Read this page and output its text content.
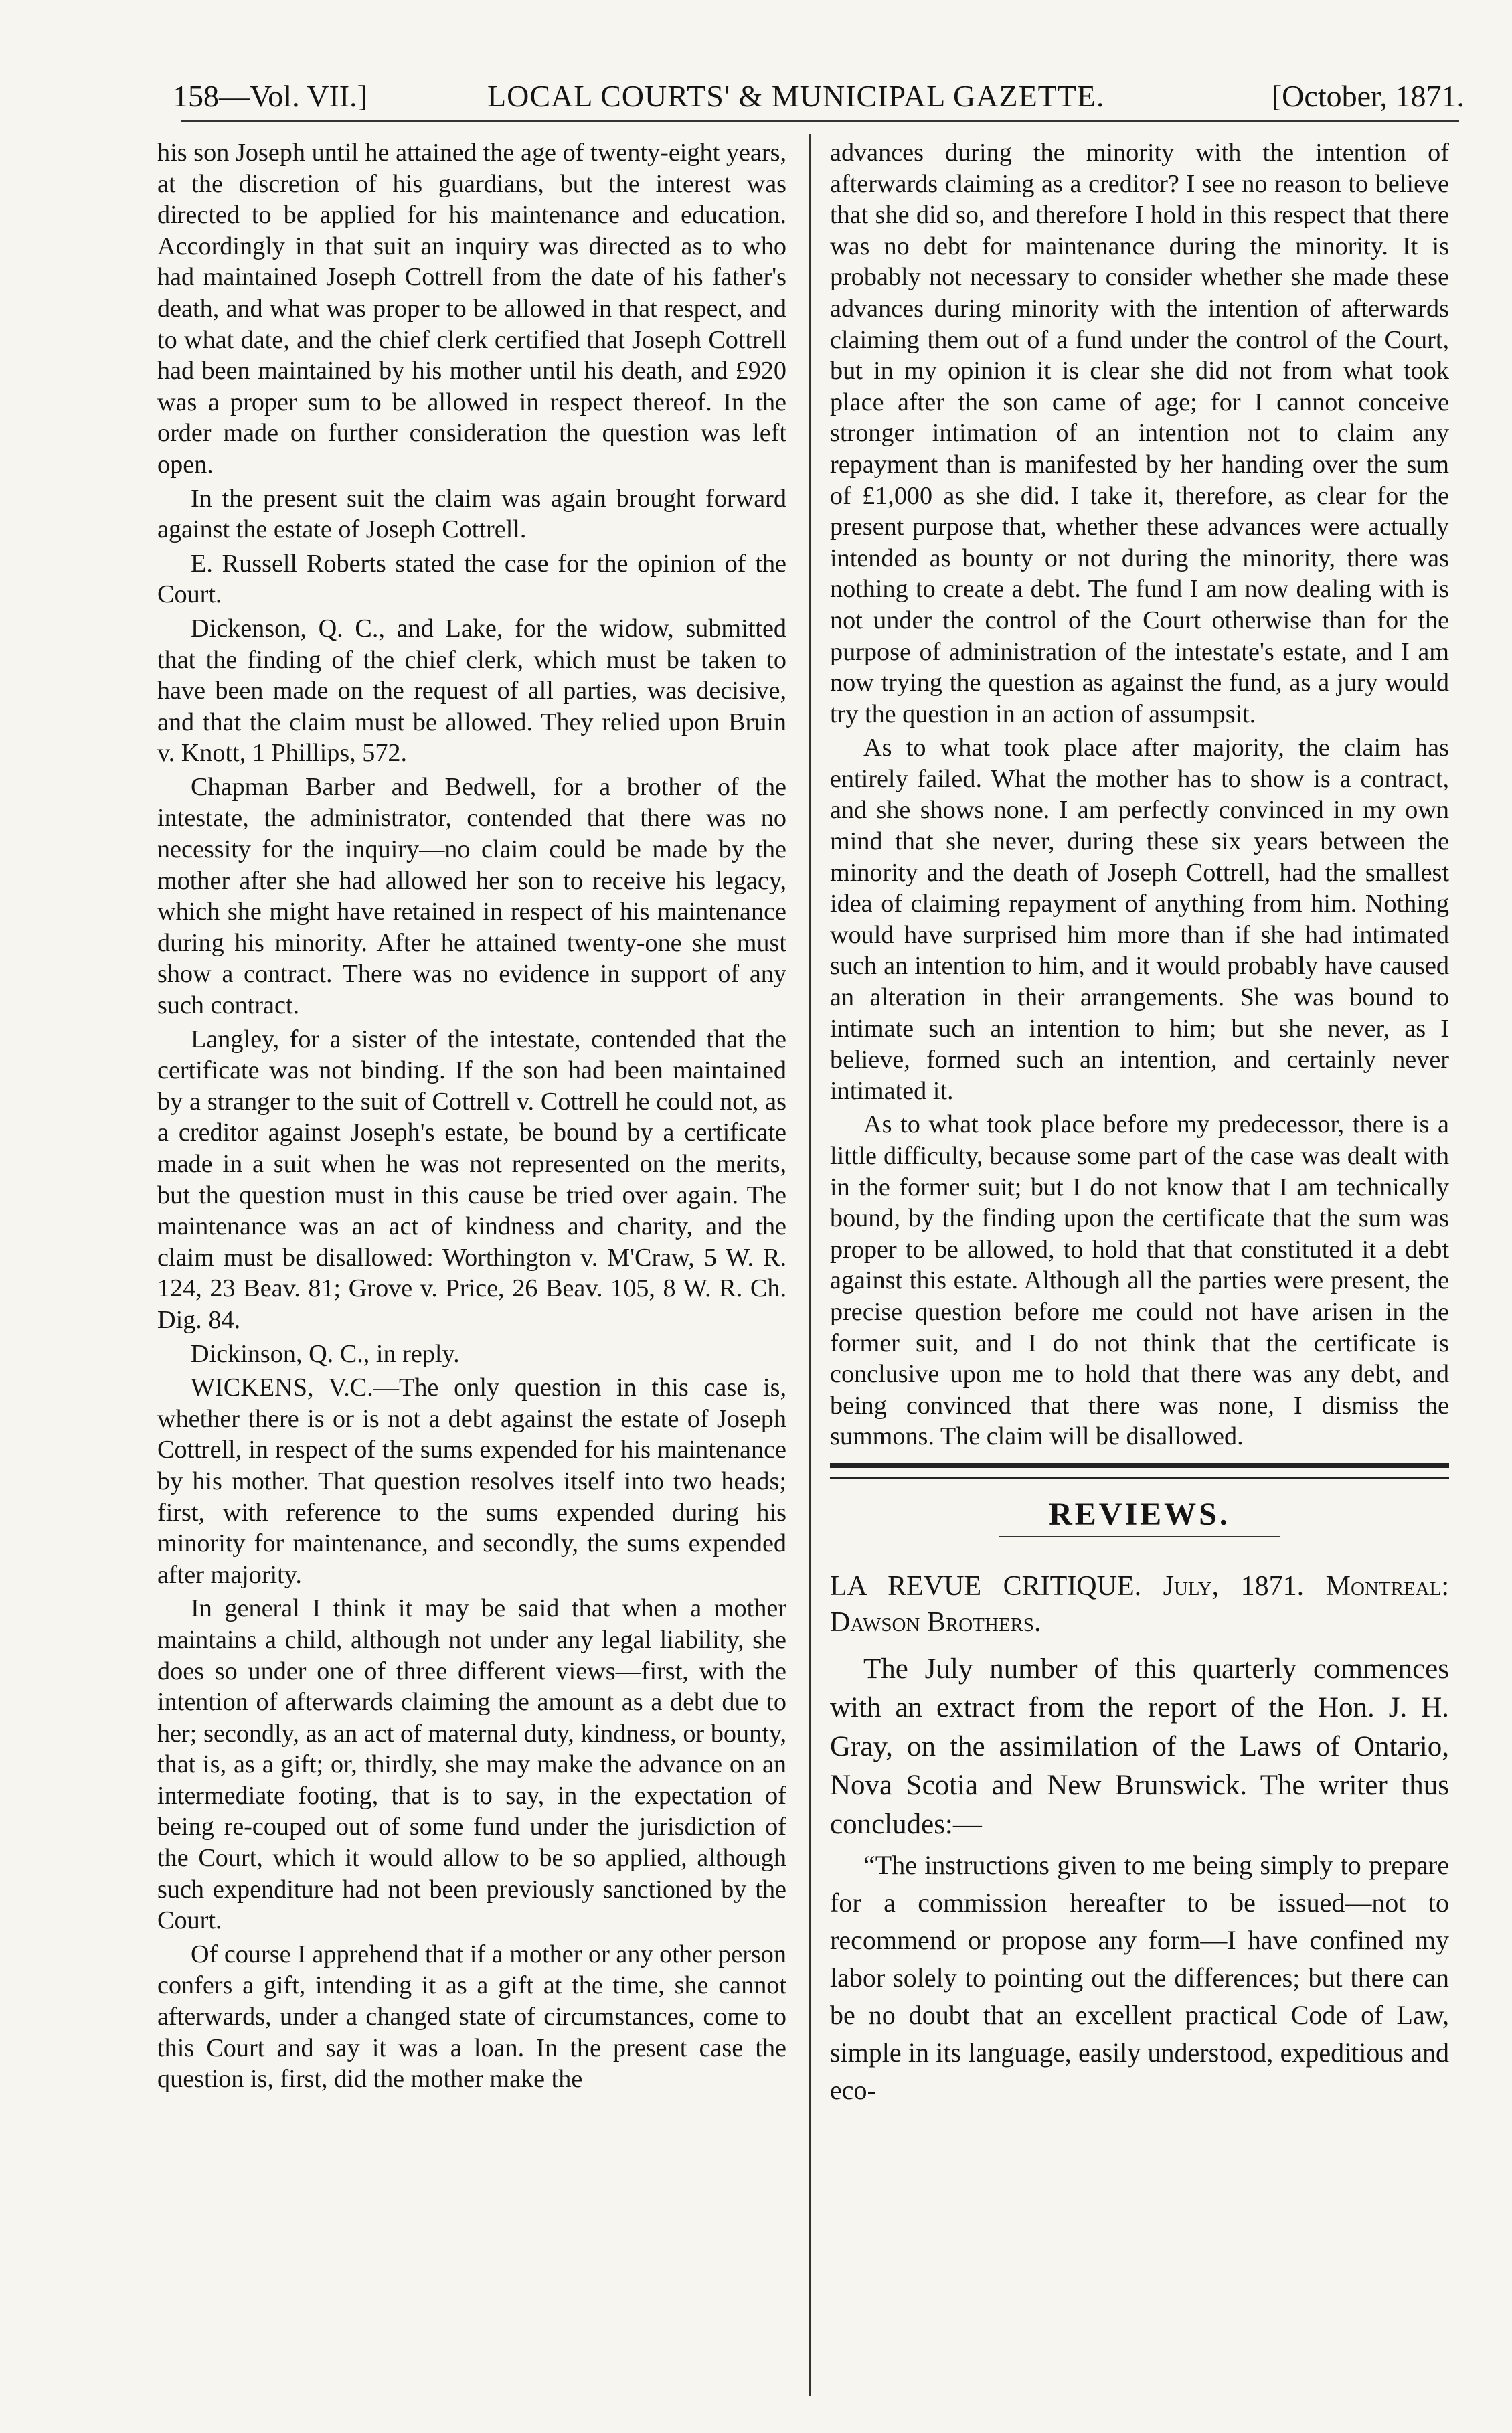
158—Vol. VII.]	LOCAL COURTS' & MUNICIPAL GAZETTE.	[October, 1871.

his son Joseph until he attained the age of twenty-eight years, at the discretion of his guardians, but the interest was directed to be applied for his maintenance and education. Accordingly in that suit an inquiry was directed as to who had maintained Joseph Cottrell from the date of his father's death, and what was proper to be allowed in that respect, and to what date, and the chief clerk certified that Joseph Cottrell had been maintained by his mother until his death, and £920 was a proper sum to be allowed in respect thereof. In the order made on further consideration the question was left open.

In the present suit the claim was again brought forward against the estate of Joseph Cottrell.

E. Russell Roberts stated the case for the opinion of the Court.

Dickenson, Q. C., and Lake, for the widow, submitted that the finding of the chief clerk, which must be taken to have been made on the request of all parties, was decisive, and that the claim must be allowed. They relied upon Bruin v. Knott, 1 Phillips, 572.

Chapman Barber and Bedwell, for a brother of the intestate, the administrator, contended that there was no necessity for the inquiry—no claim could be made by the mother after she had allowed her son to receive his legacy, which she might have retained in respect of his maintenance during his minority. After he attained twenty-one she must show a contract. There was no evidence in support of any such contract.

Langley, for a sister of the intestate, contended that the certificate was not binding. If the son had been maintained by a stranger to the suit of Cottrell v. Cottrell he could not, as a creditor against Joseph's estate, be bound by a certificate made in a suit when he was not represented on the merits, but the question must in this cause be tried over again. The maintenance was an act of kindness and charity, and the claim must be disallowed: Worthington v. M'Craw, 5 W. R. 124, 23 Beav. 81; Grove v. Price, 26 Beav. 105, 8 W. R. Ch. Dig. 84.

Dickinson, Q. C., in reply.

WICKENS, V.C.—The only question in this case is, whether there is or is not a debt against the estate of Joseph Cottrell, in respect of the sums expended for his maintenance by his mother. That question resolves itself into two heads; first, with reference to the sums expended during his minority for maintenance, and secondly, the sums expended after majority.

In general I think it may be said that when a mother maintains a child, although not under any legal liability, she does so under one of three different views—first, with the intention of afterwards claiming the amount as a debt due to her; secondly, as an act of maternal duty, kindness, or bounty, that is, as a gift; or, thirdly, she may make the advance on an intermediate footing, that is to say, in the expectation of being re-couped out of some fund under the jurisdiction of the Court, which it would allow to be so applied, although such expenditure had not been previously sanctioned by the Court.

Of course I apprehend that if a mother or any other person confers a gift, intending it as a gift at the time, she cannot afterwards, under a changed state of circumstances, come to this Court and say it was a loan. In the present case the question is, first, did the mother make the

advances during the minority with the intention of afterwards claiming as a creditor? I see no reason to believe that she did so, and therefore I hold in this respect that there was no debt for maintenance during the minority. It is probably not necessary to consider whether she made these advances during minority with the intention of afterwards claiming them out of a fund under the control of the Court, but in my opinion it is clear she did not from what took place after the son came of age; for I cannot conceive stronger intimation of an intention not to claim any repayment than is manifested by her handing over the sum of £1,000 as she did. I take it, therefore, as clear for the present purpose that, whether these advances were actually intended as bounty or not during the minority, there was nothing to create a debt. The fund I am now dealing with is not under the control of the Court otherwise than for the purpose of administration of the intestate's estate, and I am now trying the question as against the fund, as a jury would try the question in an action of assumpsit.

As to what took place after majority, the claim has entirely failed. What the mother has to show is a contract, and she shows none. I am perfectly convinced in my own mind that she never, during these six years between the minority and the death of Joseph Cottrell, had the smallest idea of claiming repayment of anything from him. Nothing would have surprised him more than if she had intimated such an intention to him, and it would probably have caused an alteration in their arrangements. She was bound to intimate such an intention to him; but she never, as I believe, formed such an intention, and certainly never intimated it.

As to what took place before my predecessor, there is a little difficulty, because some part of the case was dealt with in the former suit; but I do not know that I am technically bound, by the finding upon the certificate that the sum was proper to be allowed, to hold that that constituted it a debt against this estate. Although all the parties were present, the precise question before me could not have arisen in the former suit, and I do not think that the certificate is conclusive upon me to hold that there was any debt, and being convinced that there was none, I dismiss the summons. The claim will be disallowed.

REVIEWS.
LA REVUE CRITIQUE. July, 1871. Montreal: Dawson Brothers.

The July number of this quarterly commences with an extract from the report of the Hon. J. H. Gray, on the assimilation of the Laws of Ontario, Nova Scotia and New Brunswick. The writer thus concludes:—

“The instructions given to me being simply to prepare for a commission hereafter to be issued—not to recommend or propose any form—I have confined my labor solely to pointing out the differences; but there can be no doubt that an excellent practical Code of Law, simple in its language, easily understood, expeditious and eco-
